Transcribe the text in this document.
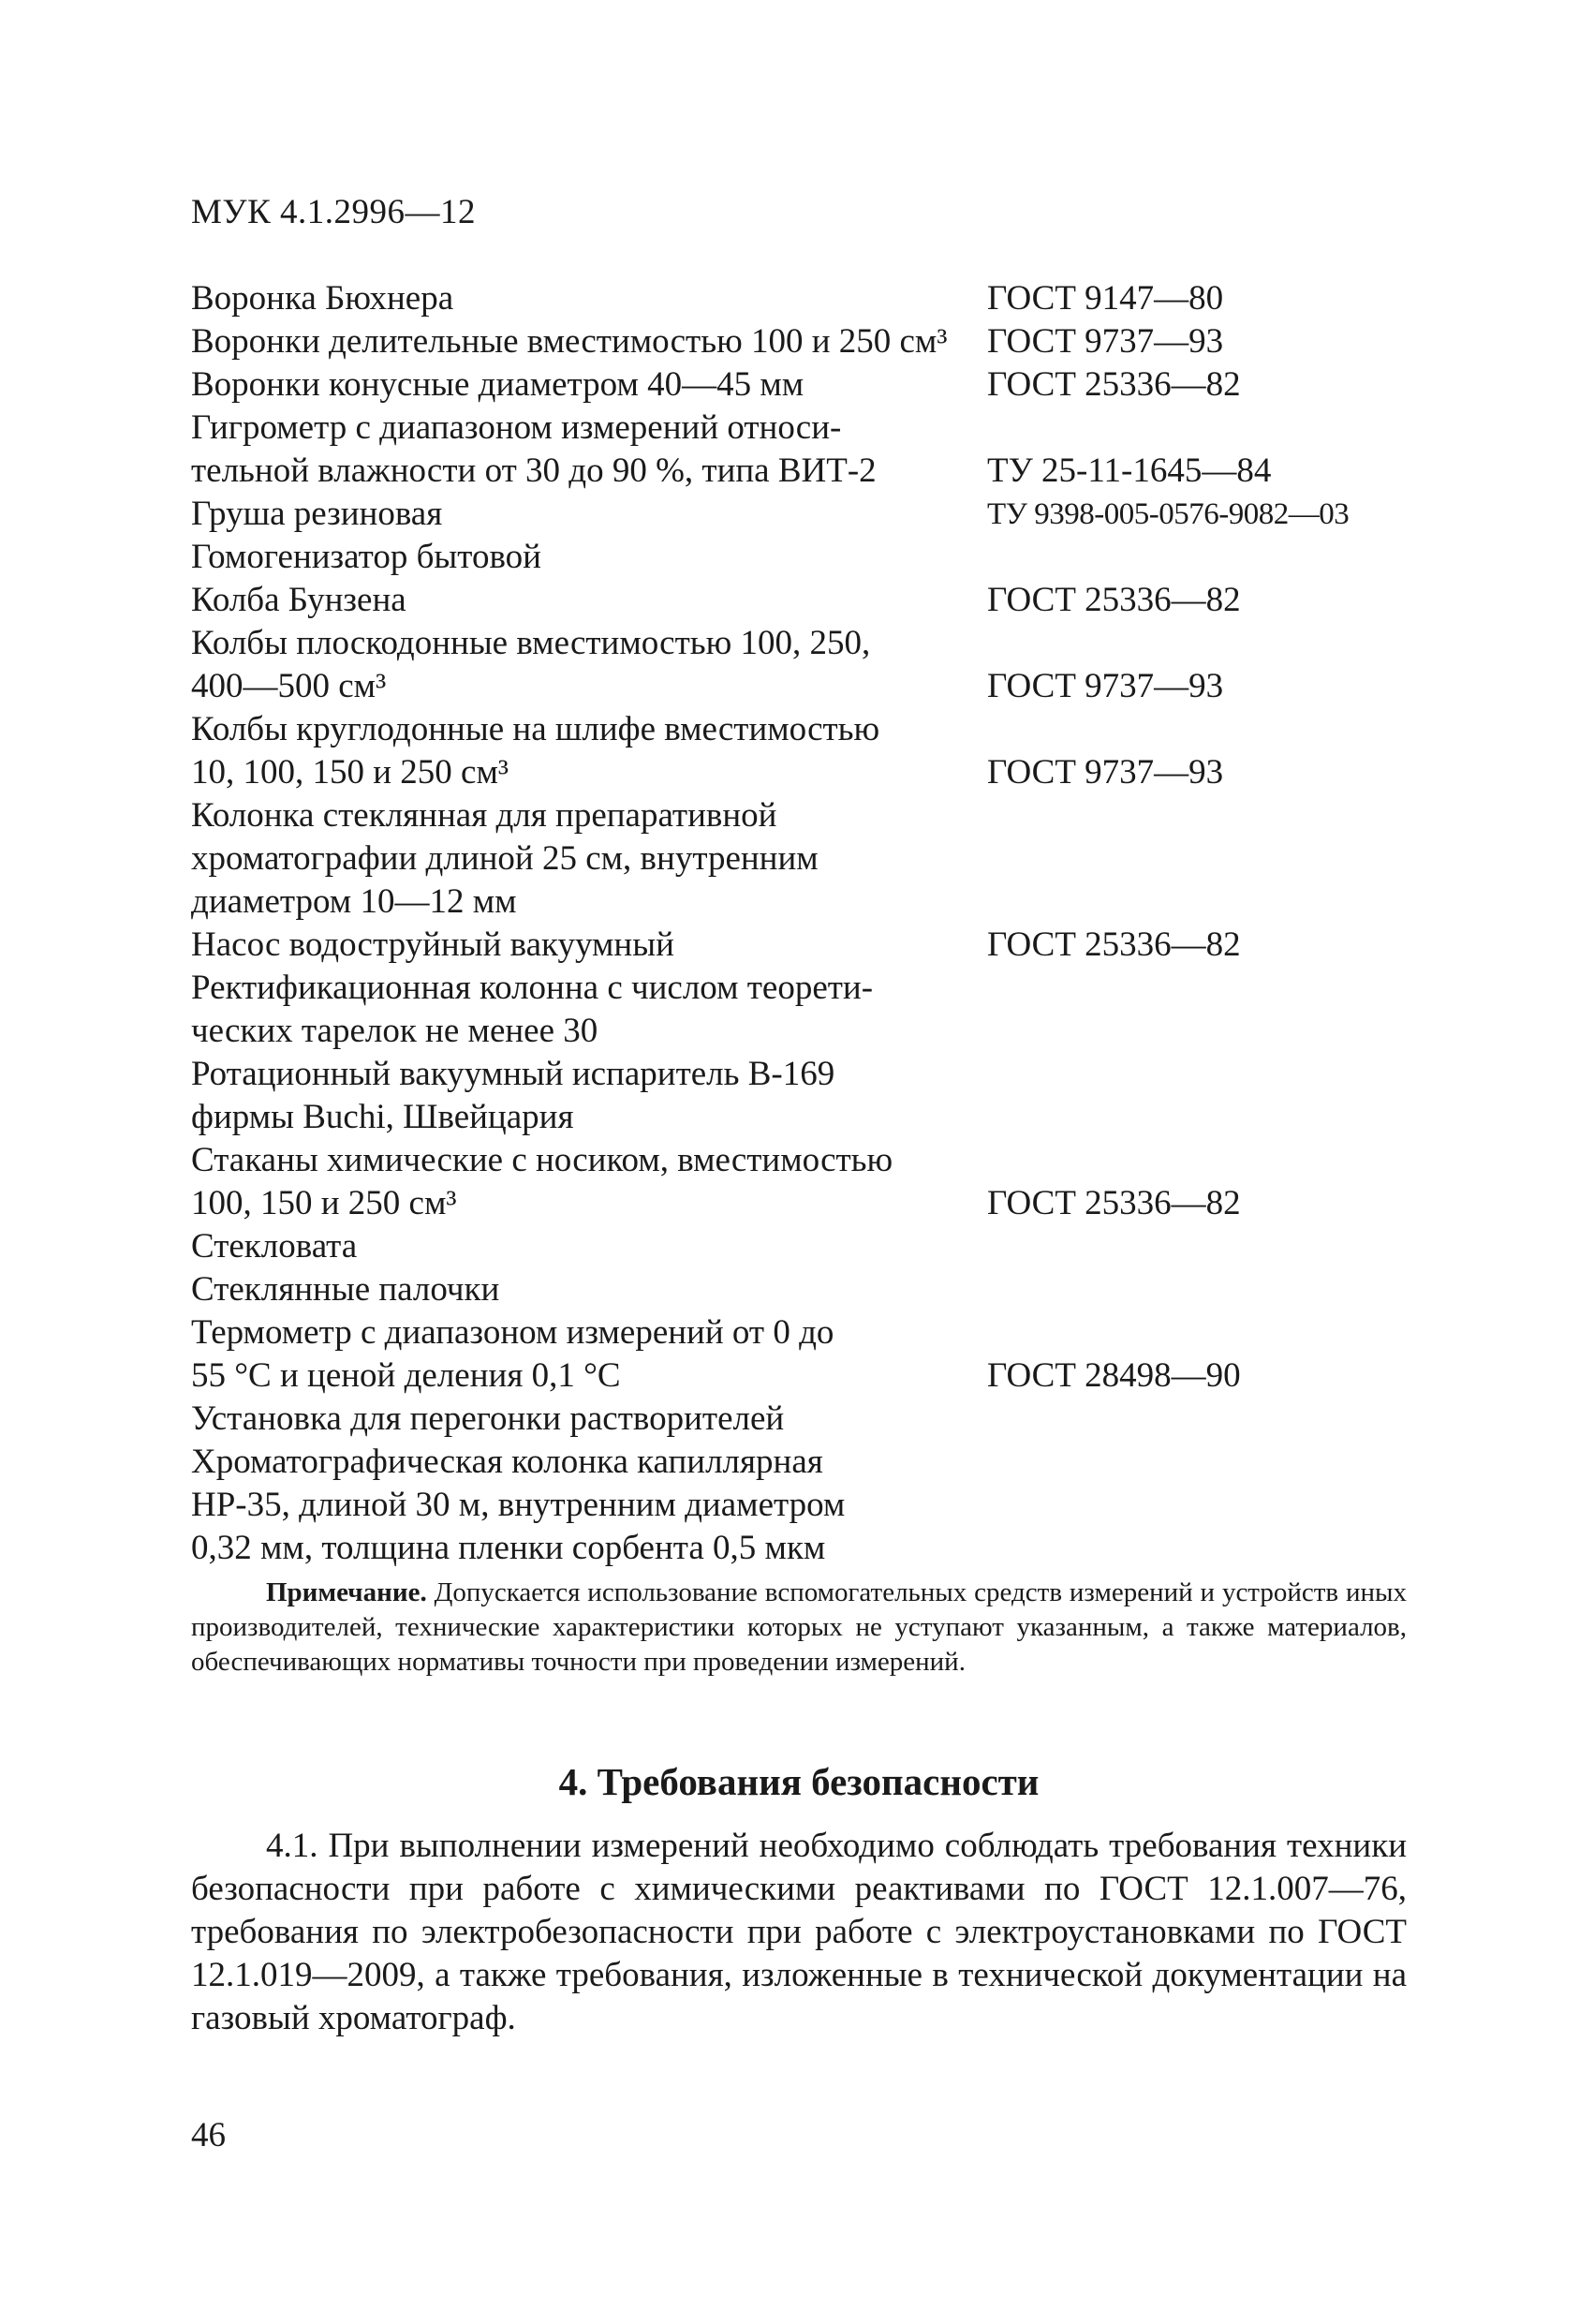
МУК 4.1.2996—12
Воронка Бюхнера	ГОСТ 9147—80
Воронки делительные вместимостью 100 и 250 см³	ГОСТ 9737—93
Воронки конусные диаметром 40—45 мм	ГОСТ 25336—82
Гигрометр с диапазоном измерений относи-
тельной влажности от 30 до 90 %, типа ВИТ-2	ТУ 25-11-1645—84
Груша резиновая	ТУ 9398-005-0576-9082—03
Гомогенизатор бытовой
Колба Бунзена	ГОСТ 25336—82
Колбы плоскодонные вместимостью 100, 250,
400—500 см³	ГОСТ 9737—93
Колбы круглодонные на шлифе вместимостью
10, 100, 150 и 250 см³	ГОСТ 9737—93
Колонка стеклянная для препаративной
хроматографии длиной 25 см, внутренним
диаметром 10—12 мм
Насос водоструйный вакуумный	ГОСТ 25336—82
Ректификационная колонна с числом теорети-
ческих тарелок не менее 30
Ротационный вакуумный испаритель В-169
фирмы Buchi, Швейцария
Стаканы химические с носиком, вместимостью
100, 150 и 250 см³	ГОСТ 25336—82
Стекловата
Стеклянные палочки
Термометр с диапазоном измерений от 0 до
55 °С и ценой деления 0,1 °С	ГОСТ 28498—90
Установка для перегонки растворителей
Хроматографическая колонка капиллярная
HP-35, длиной 30 м, внутренним диаметром
0,32 мм, толщина пленки сорбента 0,5 мкм
Примечание. Допускается использование вспомогательных средств измерений и устройств иных производителей, технические характеристики которых не уступают указанным, а также материалов, обеспечивающих нормативы точности при проведении измерений.
4. Требования безопасности
4.1. При выполнении измерений необходимо соблюдать требования техники безопасности при работе с химическими реактивами по ГОСТ 12.1.007—76, требования по электробезопасности при работе с электроустановками по ГОСТ 12.1.019—2009, а также требования, изложенные в технической документации на газовый хроматограф.
46
